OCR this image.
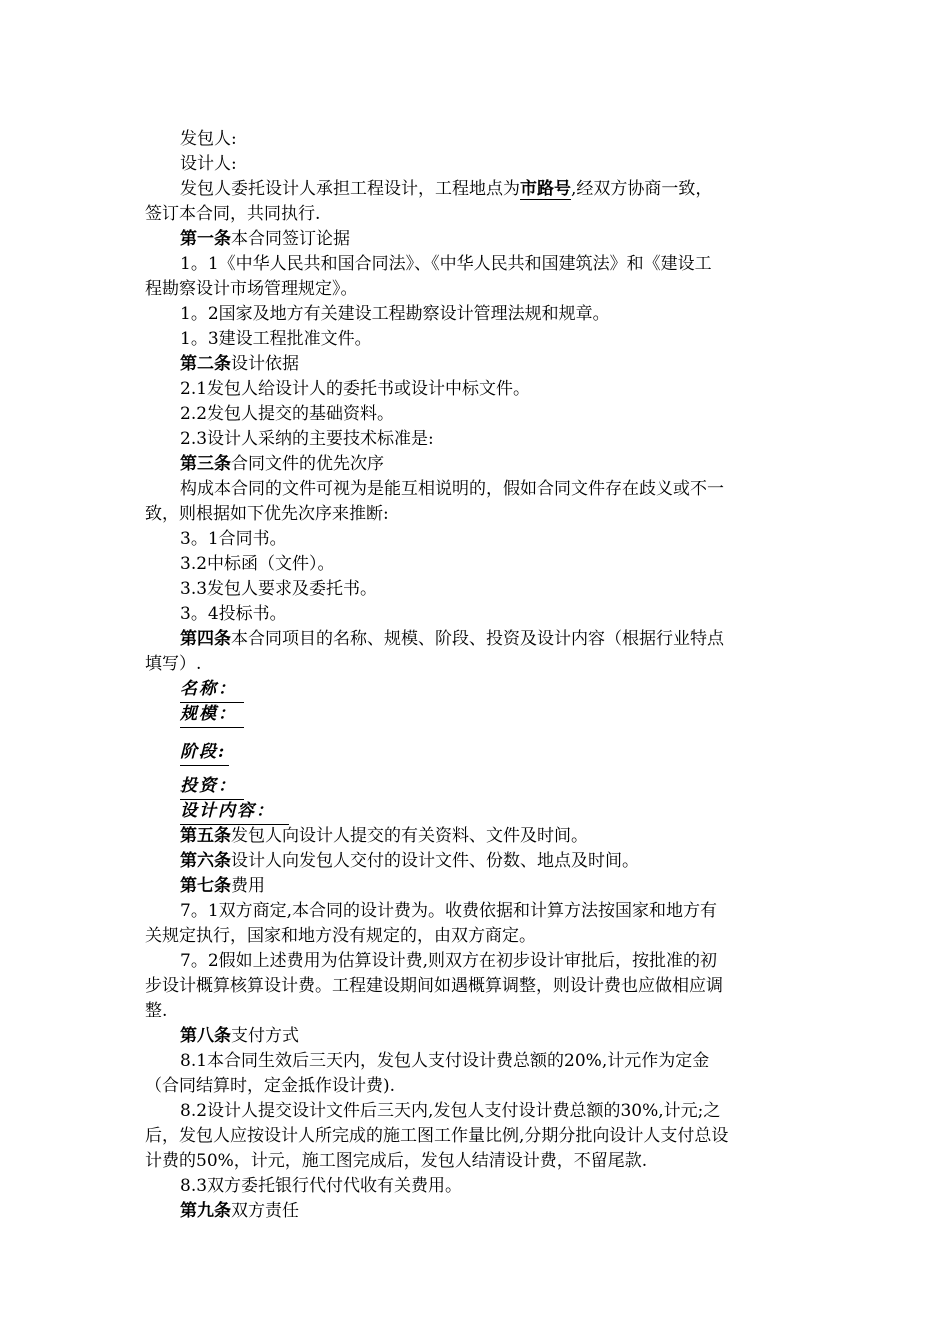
发包人:
设计人:
发包人委托设计人承担工程设计，工程地点为市路号,经双方协商一致，
签订本合同，共同执行.
第一条本合同签订论据
1。1《中华人民共和国合同法》、《中华人民共和国建筑法》和《建设工
程勘察设计市场管理规定》。
1。2国家及地方有关建设工程勘察设计管理法规和规章。
1。3建设工程批准文件。
第二条设计依据
2.1发包人给设计人的委托书或设计中标文件。
2.2发包人提交的基础资料。
2.3设计人采纳的主要技术标准是:
第三条合同文件的优先次序
构成本合同的文件可视为是能互相说明的，假如合同文件存在歧义或不一
致，则根据如下优先次序来推断:
3。1合同书。
3.2中标函（文件）。
3.3发包人要求及委托书。
3。4投标书。
第四条本合同项目的名称、规模、阶段、投资及设计内容（根据行业特点
填写）.
名称：
规模：
阶段:
投资：
设计内容：
第五条发包人向设计人提交的有关资料、文件及时间。
第六条设计人向发包人交付的设计文件、份数、地点及时间。
第七条费用
7。1双方商定,本合同的设计费为。收费依据和计算方法按国家和地方有
关规定执行，国家和地方没有规定的，由双方商定。
7。2假如上述费用为估算设计费,则双方在初步设计审批后，按批准的初
步设计概算核算设计费。工程建设期间如遇概算调整，则设计费也应做相应调
整.
第八条支付方式
8.1本合同生效后三天内，发包人支付设计费总额的20%,计元作为定金
（合同结算时，定金抵作设计费).
8.2设计人提交设计文件后三天内,发包人支付设计费总额的30%,计元;之
后，发包人应按设计人所完成的施工图工作量比例,分期分批向设计人支付总设
计费的50%，计元，施工图完成后，发包人结清设计费，不留尾款.
8.3双方委托银行代付代收有关费用。
第九条双方责任
